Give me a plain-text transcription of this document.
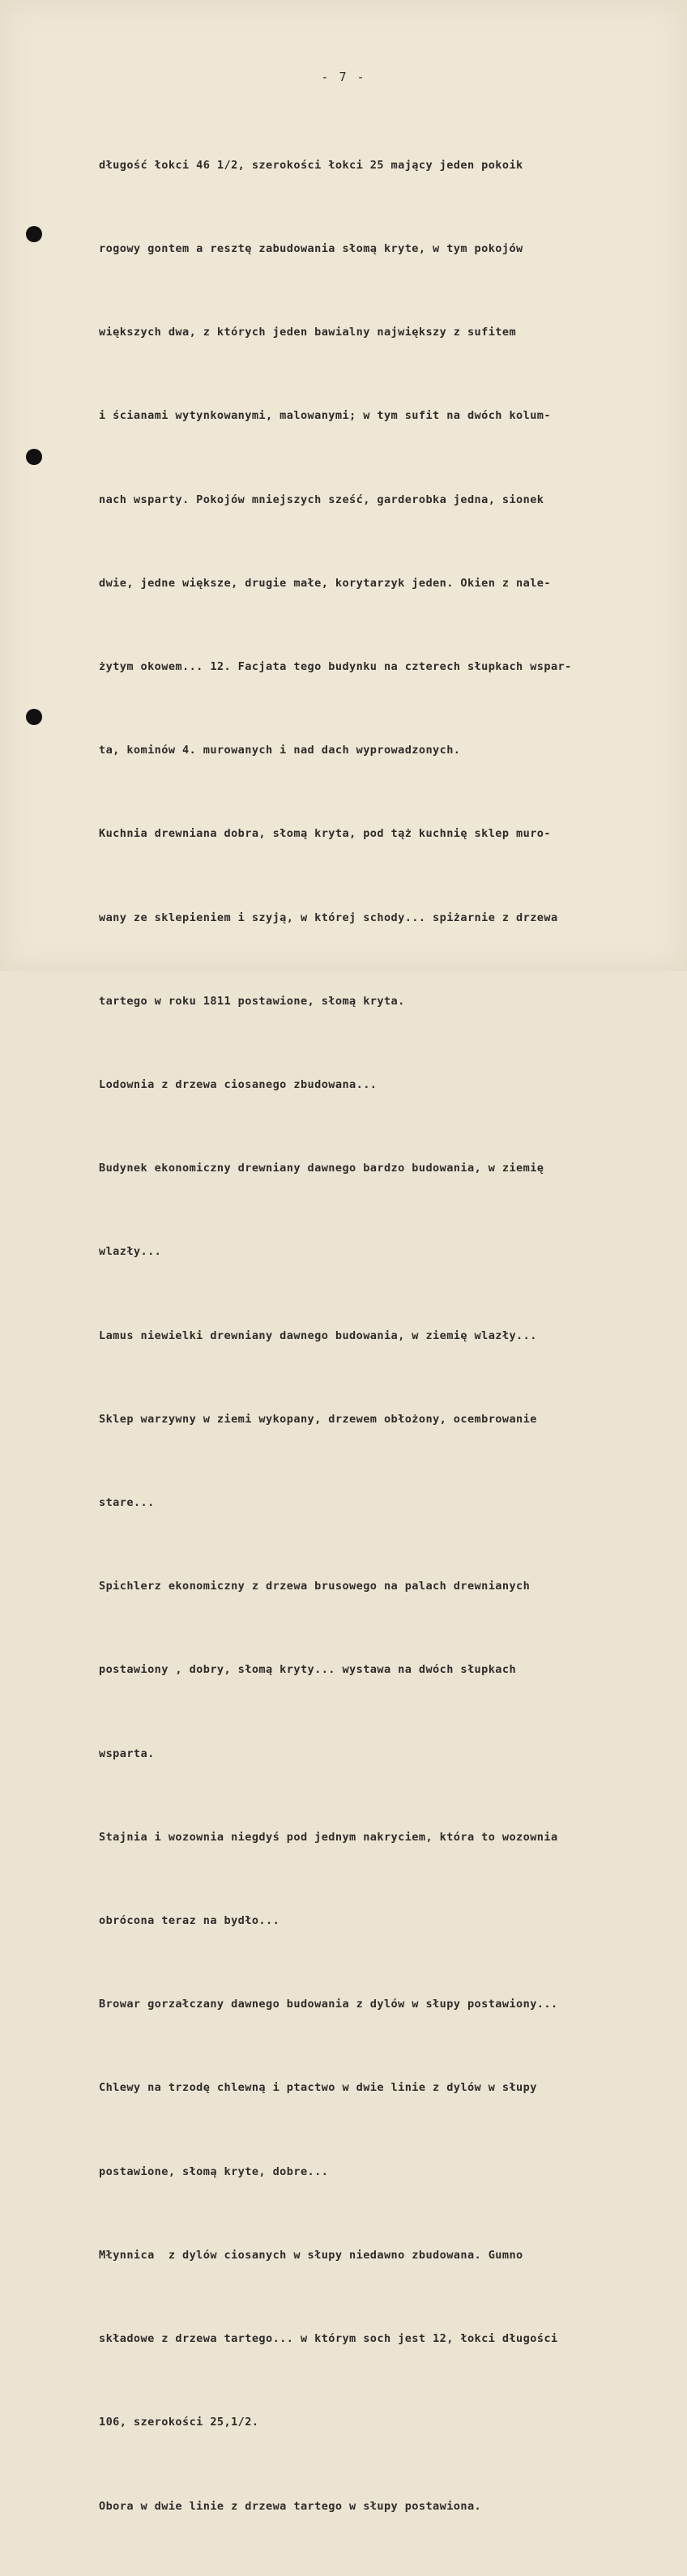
- 7 -

długość łokci 46 1/2, szerokości łokci 25 mający jeden pokoik

rogowy gontem a resztę zabudowania słomą kryte, w tym pokojów

większych dwa, z których jeden bawialny największy z sufitem

i ścianami wytynkowanymi, malowanymi; w tym sufit na dwóch kolum-

nach wsparty. Pokojów mniejszych sześć, garderobka jedna, sionek

dwie, jedne większe, drugie małe, korytarzyk jeden. Okien z nale-

żytym okowem... 12. Facjata tego budynku na czterech słupkach wspar-

ta, kominów 4. murowanych i nad dach wyprowadzonych.

Kuchnia drewniana dobra, słomą kryta, pod tąż kuchnię sklep muro-

wany ze sklepieniem i szyją, w której schody... spiżarnie z drzewa

tartego w roku 1811 postawione, słomą kryta.

Lodownia z drzewa ciosanego zbudowana...

Budynek ekonomiczny drewniany dawnego bardzo budowania, w ziemię

wlazły...

Lamus niewielki drewniany dawnego budowania, w ziemię wlazły...

Sklep warzywny w ziemi wykopany, drzewem obłożony, ocembrowanie

stare...

Spichlerz ekonomiczny z drzewa brusowego na palach drewnianych

postawiony , dobry, słomą kryty... wystawa na dwóch słupkach

wsparta.

Stajnia i wozownia niegdyś pod jednym nakryciem, która to wozownia

obrócona teraz na bydło...

Browar gorzałczany dawnego budowania z dylów w słupy postawiony...

Chlewy na trzodę chlewną i ptactwo w dwie linie z dylów w słupy

postawione, słomą kryte, dobre...

Młynnica  z dylów ciosanych w słupy niedawno zbudowana. Gumno

składowe z drzewa tartego... w którym soch jest 12, łokci długości

106, szerokości 25,1/2.

Obora w dwie linie z drzewa tartego w słupy postawiona.
